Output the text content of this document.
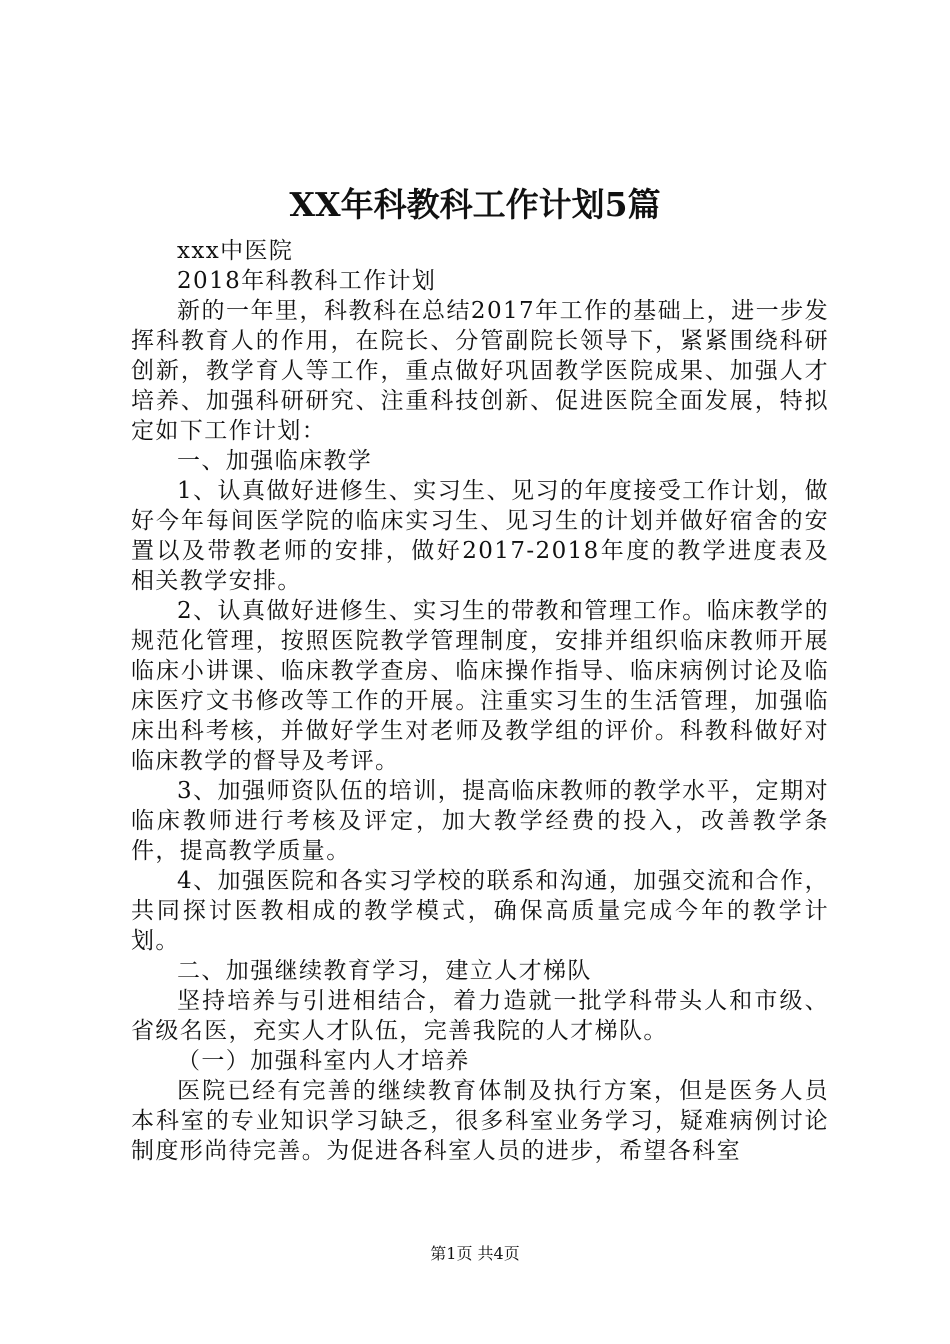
XX年科教科工作计划5篇

xxx中医院

2018年科教科工作计划

新的一年里，科教科在总结2017年工作的基础上，进一步发挥科教育人的作用，在院长、分管副院长领导下，紧紧围绕科研创新，教学育人等工作，重点做好巩固教学医院成果、加强人才培养、加强科研研究、注重科技创新、促进医院全面发展，特拟定如下工作计划：

一、加强临床教学

1、认真做好进修生、实习生、见习的年度接受工作计划，做好今年每间医学院的临床实习生、见习生的计划并做好宿舍的安置以及带教老师的安排，做好2017-2018年度的教学进度表及相关教学安排。

2、认真做好进修生、实习生的带教和管理工作。临床教学的规范化管理，按照医院教学管理制度，安排并组织临床教师开展临床小讲课、临床教学查房、临床操作指导、临床病例讨论及临床医疗文书修改等工作的开展。注重实习生的生活管理，加强临床出科考核，并做好学生对老师及教学组的评价。科教科做好对临床教学的督导及考评。

3、加强师资队伍的培训，提高临床教师的教学水平，定期对临床教师进行考核及评定，加大教学经费的投入，改善教学条件，提高教学质量。

4、加强医院和各实习学校的联系和沟通，加强交流和合作，共同探讨医教相成的教学模式，确保高质量完成今年的教学计划。

二、加强继续教育学习，建立人才梯队

坚持培养与引进相结合，着力造就一批学科带头人和市级、省级名医，充实人才队伍，完善我院的人才梯队。

（一）加强科室内人才培养

医院已经有完善的继续教育体制及执行方案，但是医务人员本科室的专业知识学习缺乏，很多科室业务学习，疑难病例讨论制度形尚待完善。为促进各科室人员的进步，希望各科室

第1页 共4页
